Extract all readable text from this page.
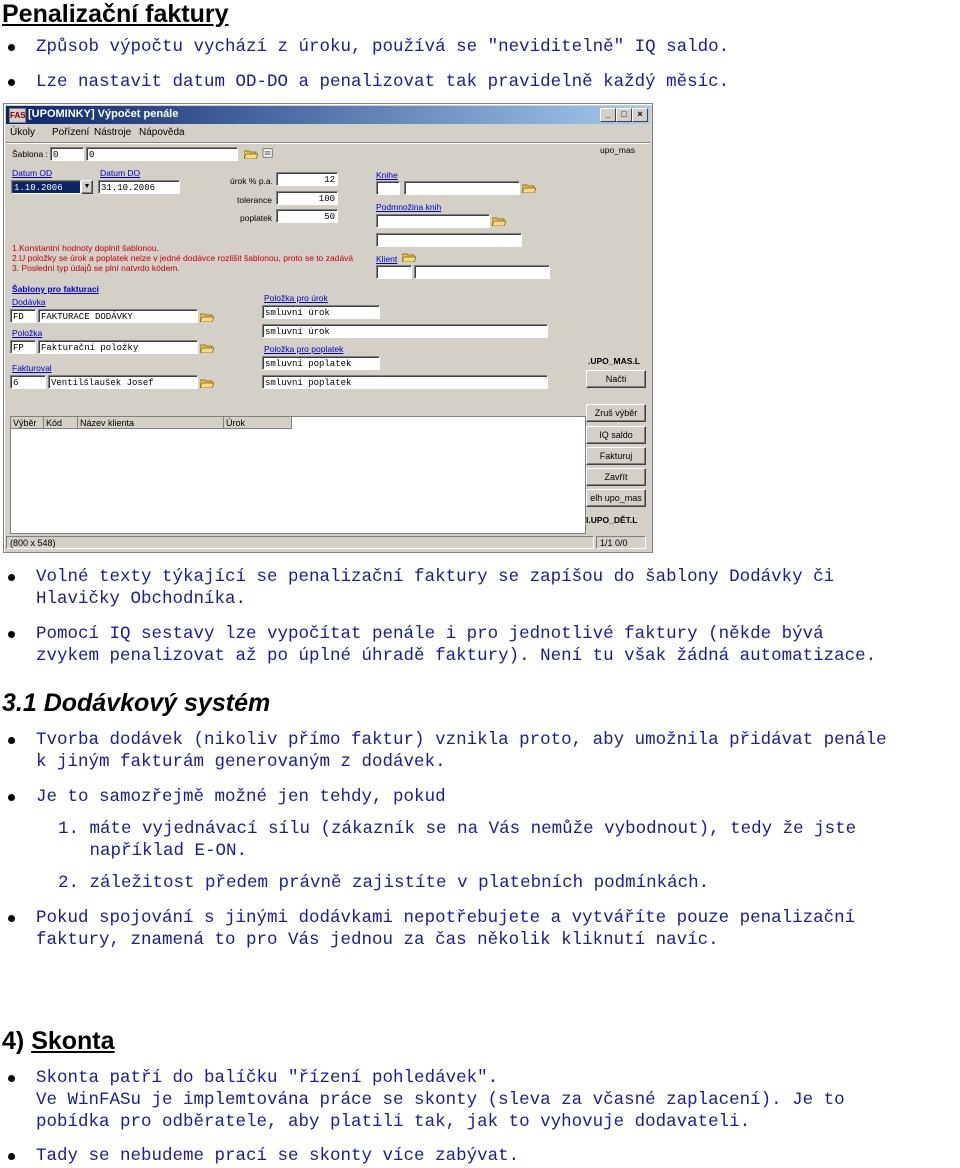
Penalizační faktury
Způsob výpočtu vychází z úroku, používá se "neviditelně" IQ saldo.
Lze nastavit datum OD-DO a penalizovat tak pravidelně každý měsíc.
FAS [UPOMINKY] Výpočet penále	_	□	×
Úkoly Pořízení Nástroje Nápověda
Šablona : 0	0	upo_mas
Datum OD
1.10.2006	▼
Datum DO
31.10.2006
úrok % p.a.	12
tolerance	100
poplatek	50
Knihe
Podmnožina knih
Klient
1.Konstantní hodnoty doplnit šablonou.
2.U položky se úrok a poplatek nelze v jedné dodávce rozlišit šablonou, proto se to zadává
3. Poslední typ údajů se plní natvrdo kódem.
Šablony pro fakturaci
Dodávka
FD	FAKTURACE DODÁVKY
Položka
FP	Fakturační položky
Fakturoval
6	Ventilšlaušek Josef
Položka pro úrok
smluvní úrok
smluvní úrok
Položka pro poplatek
smluvní poplatek
smluvní poplatek
.UPO_MAS.L
Načti
Zruš výběr
IQ saldo
Fakturuj
Zavřít
elh upo_mas
I.UPO_DĚT.L
Výběr	Kód	Název klienta	Úrok
(800 x 548)	1/1 0/0
Volné texty týkající se penalizační faktury se zapíšou do šablony Dodávky či
Hlavičky Obchodníka.
Pomocí IQ sestavy lze vypočítat penále i pro jednotlivé faktury (někde bývá
zvykem penalizovat až po úplné úhradě faktury). Není tu však žádná automatizace.
3.1 Dodávkový systém
Tvorba dodávek (nikoliv přímo faktur) vznikla proto, aby umožnila přidávat penále
k jiným fakturám generovaným z dodávek.
Je to samozřejmě možné jen tehdy, pokud
1. máte vyjednávací sílu (zákazník se na Vás nemůže vybodnout), tedy že jste
například E-ON.
2. záležitost předem právně zajistíte v platebních podmínkách.
Pokud spojování s jinými dodávkami nepotřebujete a vytváříte pouze penalizační
faktury, znamená to pro Vás jednou za čas několik kliknutí navíc.
4) Skonta
Skonta patří do balíčku "řízení pohledávek".
Ve WinFASu je implemtována práce se skonty (sleva za včasné zaplacení). Je to
pobídka pro odběratele, aby platili tak, jak to vyhovuje dodavateli.
Tady se nebudeme prací se skonty více zabývat.
